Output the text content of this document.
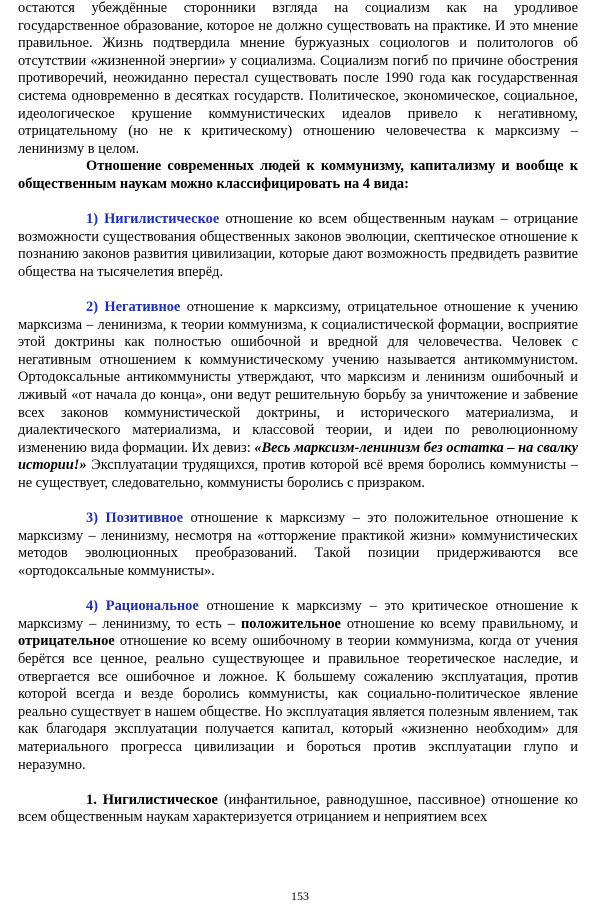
остаются убеждённые сторонники взгляда на социализм как на уродливое государственное образование, которое не должно существовать на практике. И это мнение правильное. Жизнь подтвердила мнение буржуазных социологов и политологов об отсутствии «жизненной энергии» у социализма. Социализм погиб по причине обострения противоречий, неожиданно перестал существовать после 1990 года как государственная система одновременно в десятках государств. Политическое, экономическое, социальное, идеологическое крушение коммунистических идеалов привело к негативному, отрицательному (но не к критическому) отношению человечества к марксизму – ленинизму в целом.

Отношение современных людей к коммунизму, капитализму и вообще к общественным наукам можно классифицировать на 4 вида:

1) Нигилистическое отношение ко всем общественным наукам – отрицание возможности существования общественных законов эволюции, скептическое отношение к познанию законов развития цивилизации, которые дают возможность предвидеть развитие общества на тысячелетия вперёд.

2) Негативное отношение к марксизму, отрицательное отношение к учению марксизма – ленинизма, к теории коммунизма, к социалистической формации, восприятие этой доктрины как полностью ошибочной и вредной для человечества. Человек с негативным отношением к коммунистическому учению называется антикоммунистом. Ортодоксальные антикоммунисты утверждают, что марксизм и ленинизм ошибочный и лживый «от начала до конца», они ведут решительную борьбу за уничтожение и забвение всех законов коммунистической доктрины, и исторического материализма, и диалектического материализма, и классовой теории, и идеи по революционному изменению вида формации. Их девиз: «Весь марксизм-ленинизм без остатка – на свалку истории!» Эксплуатации трудящихся, против которой всё время боролись коммунисты – не существует, следовательно, коммунисты боролись с призраком.

3) Позитивное отношение к марксизму – это положительное отношение к марксизму – ленинизму, несмотря на «отторжение практикой жизни» коммунистических методов эволюционных преобразований. Такой позиции придерживаются все «ортодоксальные коммунисты».

4) Рациональное отношение к марксизму – это критическое отношение к марксизму – ленинизму, то есть – положительное отношение ко всему правильному, и отрицательное отношение ко всему ошибочному в теории коммунизма, когда от учения берётся все ценное, реально существующее и правильное теоретическое наследие, и отвергается все ошибочное и ложное. К большему сожалению эксплуатация, против которой всегда и везде боролись коммунисты, как социально-политическое явление реально существует в нашем обществе. Но эксплуатация является полезным явлением, так как благодаря эксплуатации получается капитал, который «жизненно необходим» для материального прогресса цивилизации и бороться против эксплуатации глупо и неразумно.

1. Нигилистическое (инфантильное, равнодушное, пассивное) отношение ко всем общественным наукам характеризуется отрицанием и неприятием всех

153
